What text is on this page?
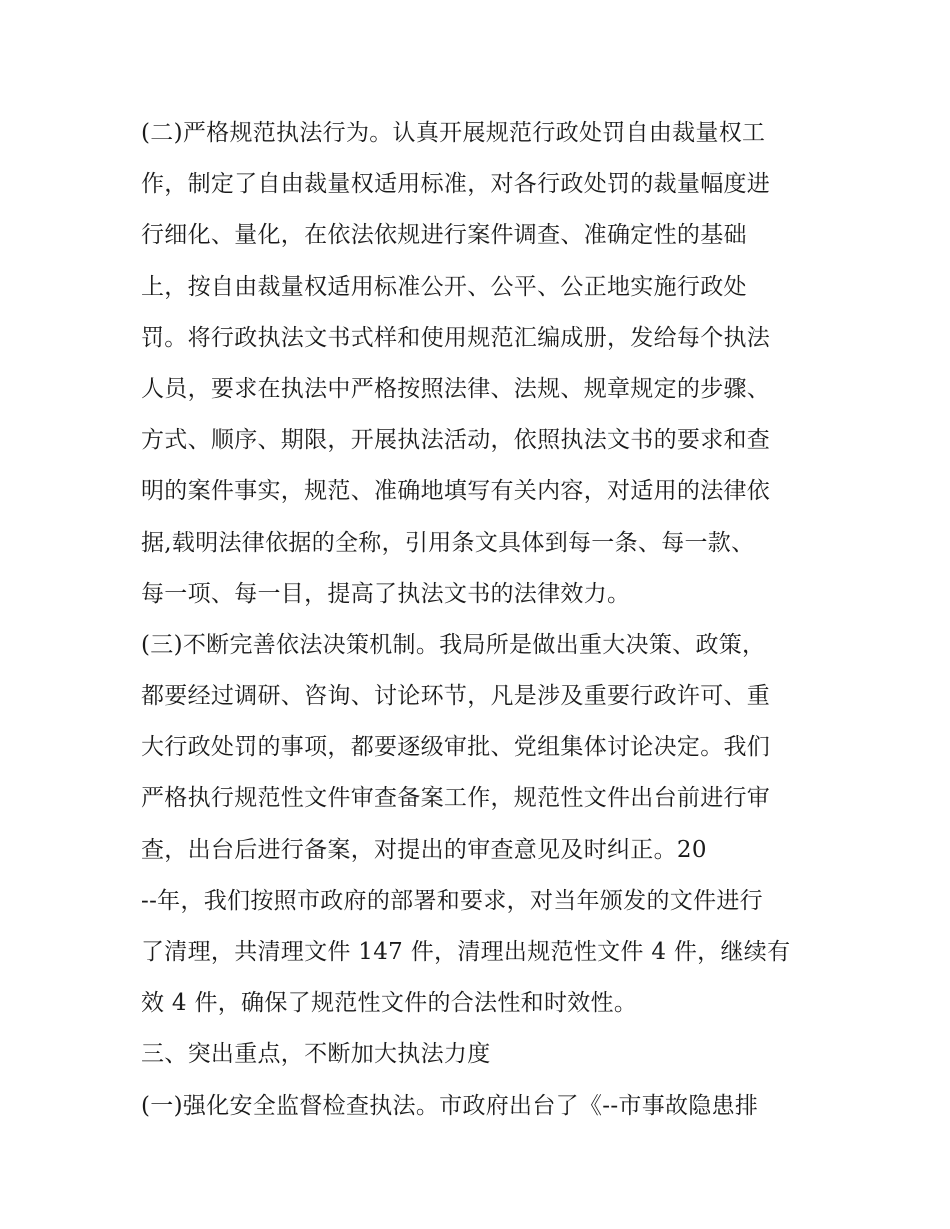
(二)严格规范执法行为。认真开展规范行政处罚自由裁量权工
作，制定了自由裁量权适用标准，对各行政处罚的裁量幅度进
行细化、量化，在依法依规进行案件调查、准确定性的基础
上，按自由裁量权适用标准公开、公平、公正地实施行政处
罚。将行政执法文书式样和使用规范汇编成册，发给每个执法
人员，要求在执法中严格按照法律、法规、规章规定的步骤、
方式、顺序、期限，开展执法活动，依照执法文书的要求和查
明的案件事实，规范、准确地填写有关内容，对适用的法律依
据,载明法律依据的全称，引用条文具体到每一条、每一款、
每一项、每一目，提高了执法文书的法律效力。
(三)不断完善依法决策机制。我局所是做出重大决策、政策，
都要经过调研、咨询、讨论环节，凡是涉及重要行政许可、重
大行政处罚的事项，都要逐级审批、党组集体讨论决定。我们
严格执行规范性文件审查备案工作，规范性文件出台前进行审
查，出台后进行备案，对提出的审查意见及时纠正。20
--年，我们按照市政府的部署和要求，对当年颁发的文件进行
了清理，共清理文件 147 件，清理出规范性文件 4 件，继续有
效 4 件，确保了规范性文件的合法性和时效性。
三、突出重点，不断加大执法力度
(一)强化安全监督检查执法。市政府出台了《--市事故隐患排
